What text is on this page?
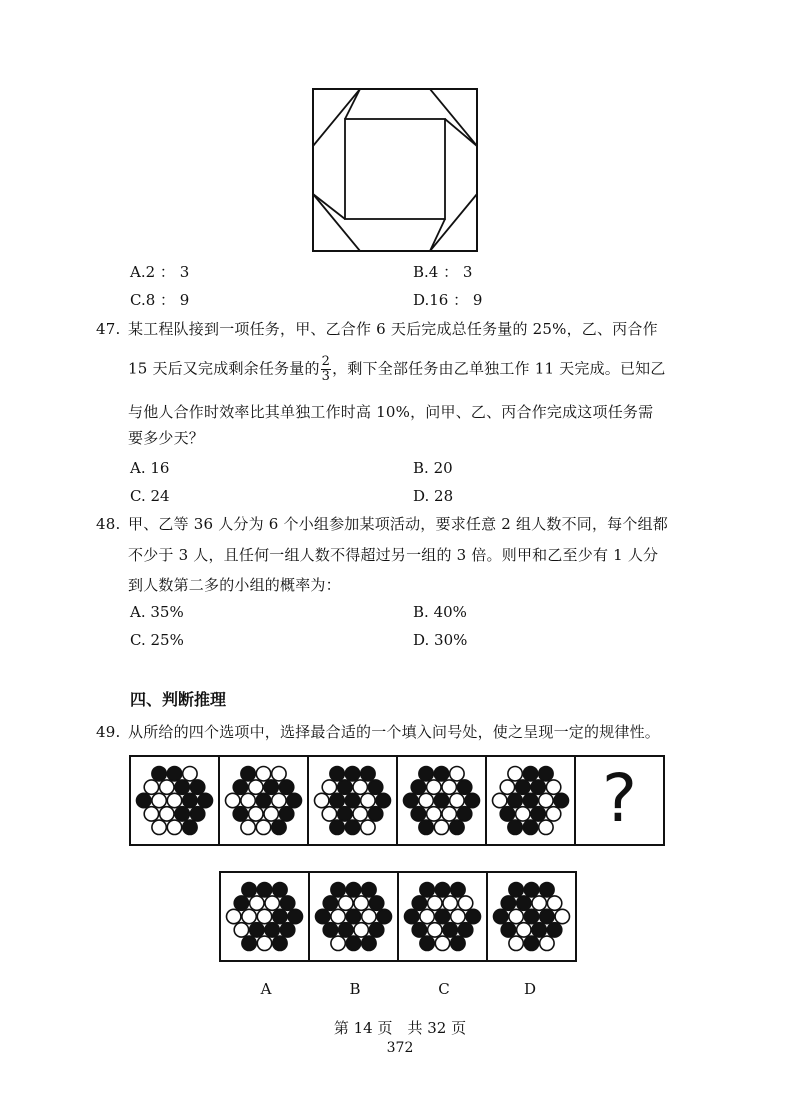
A.2 ： 3	B.4 ： 3
C.8 ： 9	D.16 ： 9
47. 某工程队接到一项任务，甲、乙合作 6 天后完成总任务量的 25%，乙、丙合作
15 天后又完成剩余任务量的 $\frac{2}{3}$ ，剩下全部任务由乙单独工作 11 天完成。已知乙
与他人合作时效率比其单独工作时高 10%，问甲、乙、丙合作完成这项任务需
要多少天？
A. 16	B. 20
C. 24	D. 28
48. 甲、乙等 36 人分为 6 个小组参加某项活动，要求任意 2 组人数不同，每个组都
不少于 3 人，且任何一组人数不得超过另一组的 3 倍。则甲和乙至少有 1 人分
到人数第二多的小组的概率为：
A. 35%	B. 40%
C. 25%	D. 30%
四、判断推理
49. 从所给的四个选项中，选择最合适的一个填入问号处，使之呈现一定的规律性。
?
A	B	C	D
第 14 页　共 32 页
372
